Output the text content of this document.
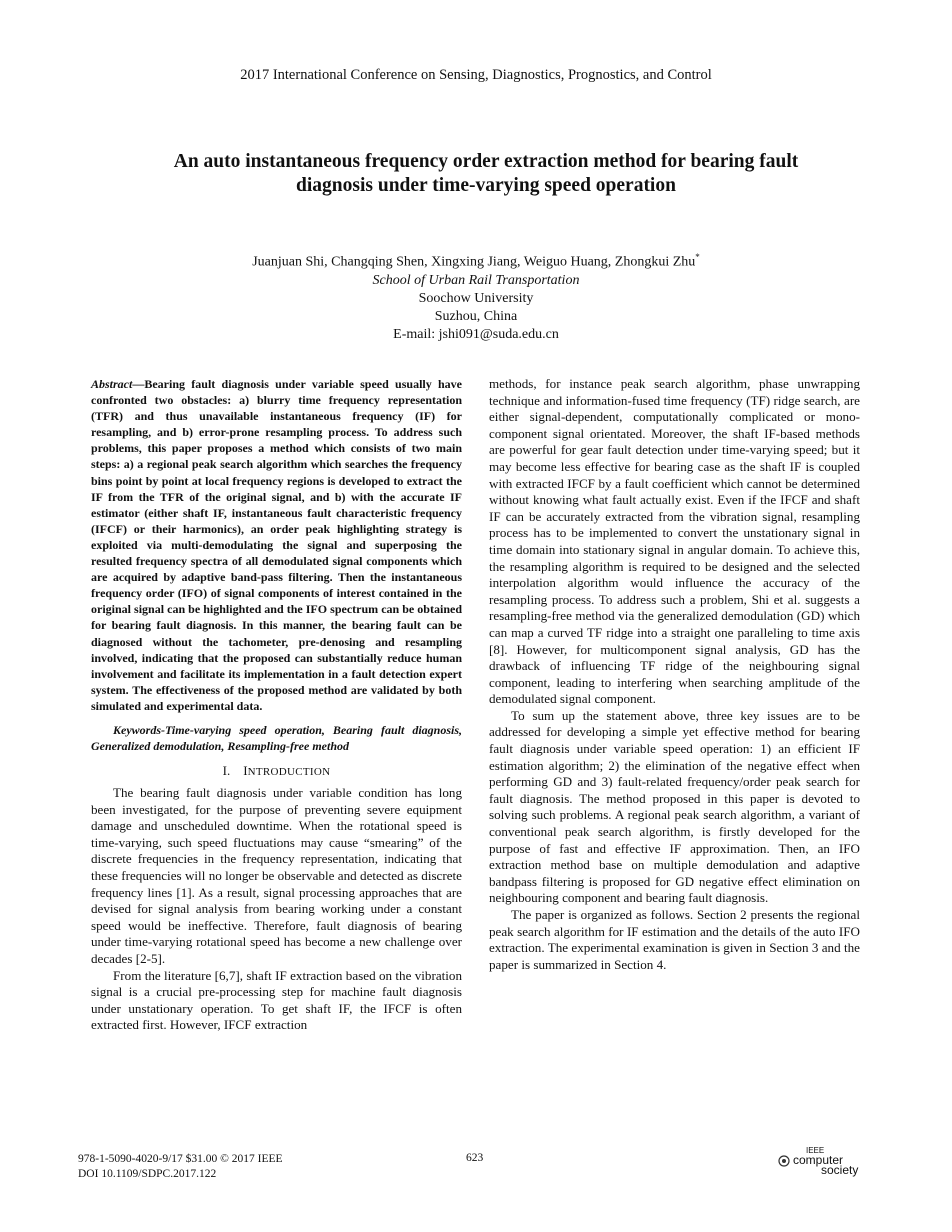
2017 International Conference on Sensing, Diagnostics, Prognostics, and Control
An auto instantaneous frequency order extraction method for bearing fault
diagnosis under time-varying speed operation
Juanjuan Shi, Changqing Shen, Xingxing Jiang, Weiguo Huang, Zhongkui Zhu*
School of Urban Rail Transportation
Soochow University
Suzhou, China
E-mail: jshi091@suda.edu.cn

Abstract—Bearing fault diagnosis under variable speed usually have confronted two obstacles: a) blurry time frequency representation (TFR) and thus unavailable instantaneous frequency (IF) for resampling, and b) error-prone resampling process. To address such problems, this paper proposes a method which consists of two main steps: a) a regional peak search algorithm which searches the frequency bins point by point at local frequency regions is developed to extract the IF from the TFR of the original signal, and b) with the accurate IF estimator (either shaft IF, instantaneous fault characteristic frequency (IFCF) or their harmonics), an order peak highlighting strategy is exploited via multi-demodulating the signal and superposing the resulted frequency spectra of all demodulated signal components which are acquired by adaptive band-pass filtering. Then the instantaneous frequency order (IFO) of signal components of interest contained in the original signal can be highlighted and the IFO spectrum can be obtained for bearing fault diagnosis. In this manner, the bearing fault can be diagnosed without the tachometer, pre-denosing and resampling involved, indicating that the proposed can substantially reduce human involvement and facilitate its implementation in a fault detection expert system. The effectiveness of the proposed method are validated by both simulated and experimental data.

Keywords-Time-varying speed operation, Bearing fault diagnosis, Generalized demodulation, Resampling-free method

I. INTRODUCTION

The bearing fault diagnosis under variable condition has long been investigated, for the purpose of preventing severe equipment damage and unscheduled downtime. When the rotational speed is time-varying, such speed fluctuations may cause “smearing” of the discrete frequencies in the frequency representation, indicating that these frequencies will no longer be observable and detected as discrete frequency lines [1]. As a result, signal processing approaches that are devised for signal analysis from bearing working under a constant speed would be ineffective. Therefore, fault diagnosis of bearing under time-varying rotational speed has become a new challenge over decades [2-5].

From the literature [6,7], shaft IF extraction based on the vibration signal is a crucial pre-processing step for machine fault diagnosis under unstationary operation. To get shaft IF, the IFCF is often extracted first. However, IFCF extraction

methods, for instance peak search algorithm, phase unwrapping technique and information-fused time frequency (TF) ridge search, are either signal-dependent, computationally complicated or mono-component signal orientated. Moreover, the shaft IF-based methods are powerful for gear fault detection under time-varying speed; but it may become less effective for bearing case as the shaft IF is coupled with extracted IFCF by a fault coefficient which cannot be determined without knowing what fault actually exist. Even if the IFCF and shaft IF can be accurately extracted from the vibration signal, resampling process has to be implemented to convert the unstationary signal in time domain into stationary signal in angular domain. To achieve this, the resampling algorithm is required to be designed and the selected interpolation algorithm would influence the accuracy of the resampling process. To address such a problem, Shi et al. suggests a resampling-free method via the generalized demodulation (GD) which can map a curved TF ridge into a straight one paralleling to time axis [8]. However, for multicomponent signal analysis, GD has the drawback of influencing TF ridge of the neighbouring signal component, leading to interfering when searching amplitude of the demodulated signal component.

To sum up the statement above, three key issues are to be addressed for developing a simple yet effective method for bearing fault diagnosis under variable speed operation: 1) an efficient IF estimation algorithm; 2) the elimination of the negative effect when performing GD and 3) fault-related frequency/order peak search for fault diagnosis. The method proposed in this paper is devoted to solving such problems. A regional peak search algorithm, a variant of conventional peak search algorithm, is firstly developed for the purpose of fast and effective IF approximation. Then, an IFO extraction method base on multiple demodulation and adaptive bandpass filtering is proposed for GD negative effect elimination on neighbouring component and bearing fault diagnosis.

The paper is organized as follows. Section 2 presents the regional peak search algorithm for IF estimation and the details of the auto IFO extraction. The experimental examination is given in Section 3 and the paper is summarized in Section 4.

978-1-5090-4020-9/17 $31.00 © 2017 IEEE
DOI 10.1109/SDPC.2017.122
623
IEEE
computer
society
